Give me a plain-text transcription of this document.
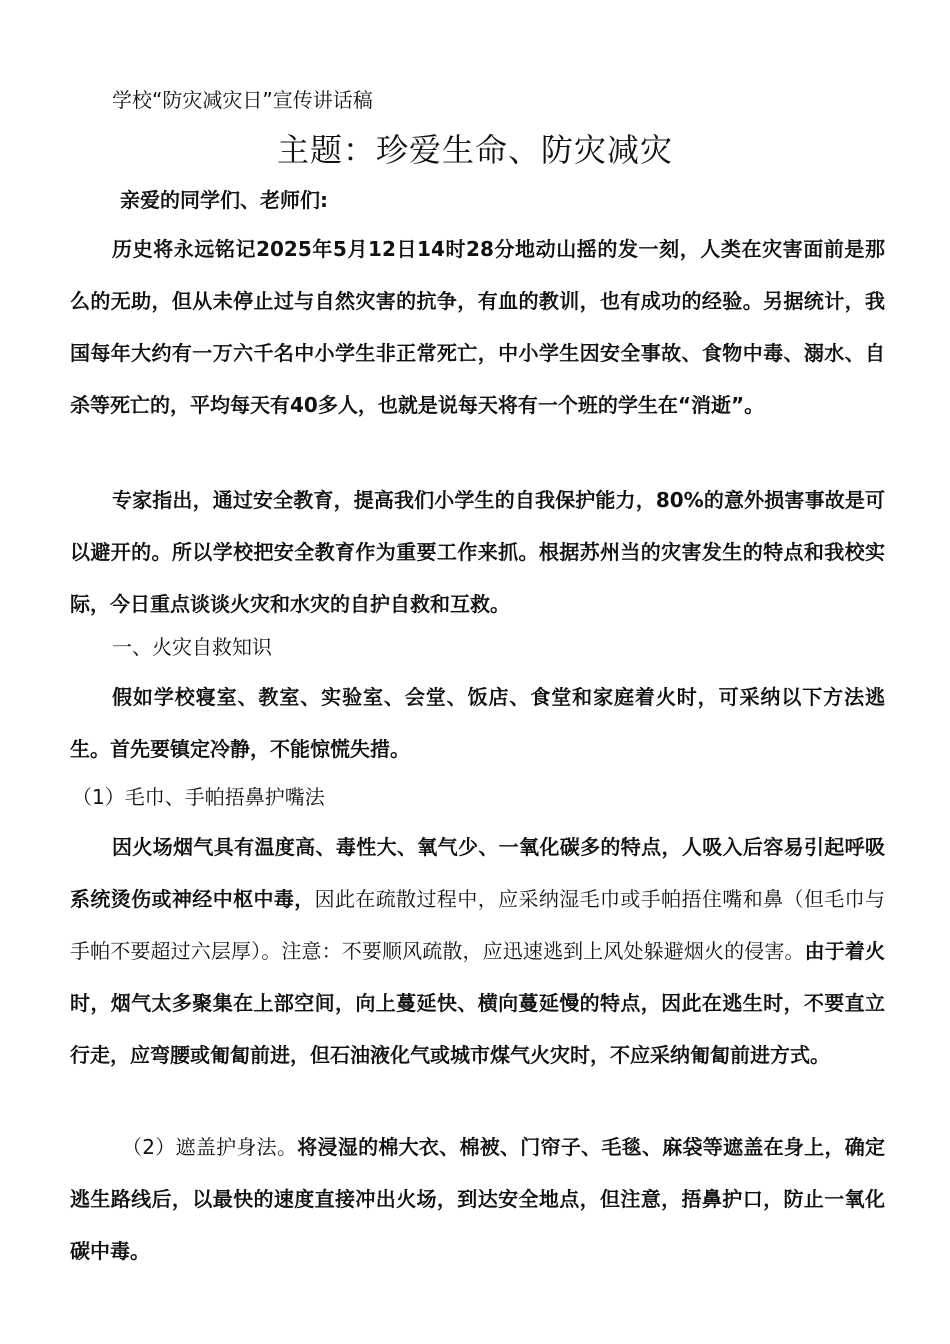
学校“防灾减灾日”宣传讲话稿
主题：珍爱生命、防灾减灾
亲爱的同学们、老师们:

历史将永远铭记2025年5月12日14时28分地动山摇的发一刻，人类在灾害面前是那么的无助，但从未停止过与自然灾害的抗争，有血的教训，也有成功的经验。另据统计，我国每年大约有一万六千名中小学生非正常死亡，中小学生因安全事故、食物中毒、溺水、自杀等死亡的，平均每天有40多人，也就是说每天将有一个班的学生在“消逝”。

专家指出，通过安全教育，提高我们小学生的自我保护能力，80%的意外损害事故是可以避开的。所以学校把安全教育作为重要工作来抓。根据苏州当的灾害发生的特点和我校实际，今日重点谈谈火灾和水灾的自护自救和互救。

一、火灾自救知识

假如学校寝室、教室、实验室、会堂、饭店、食堂和家庭着火时，可采纳以下方法逃生。首先要镇定冷静，不能惊慌失措。

（1）毛巾、手帕捂鼻护嘴法

因火场烟气具有温度高、毒性大、氧气少、一氧化碳多的特点，人吸入后容易引起呼吸系统烫伤或神经中枢中毒，因此在疏散过程中，应采纳湿毛巾或手帕捂住嘴和鼻（但毛巾与手帕不要超过六层厚）。注意：不要顺风疏散，应迅速逃到上风处躲避烟火的侵害。由于着火时，烟气太多聚集在上部空间，向上蔓延快、横向蔓延慢的特点，因此在逃生时，不要直立行走，应弯腰或匍匐前进，但石油液化气或城市煤气火灾时，不应采纳匍匐前进方式。

（2）遮盖护身法。将浸湿的棉大衣、棉被、门帘子、毛毯、麻袋等遮盖在身上，确定逃生路线后，以最快的速度直接冲出火场，到达安全地点，但注意，捂鼻护口，防止一氧化碳中毒。
